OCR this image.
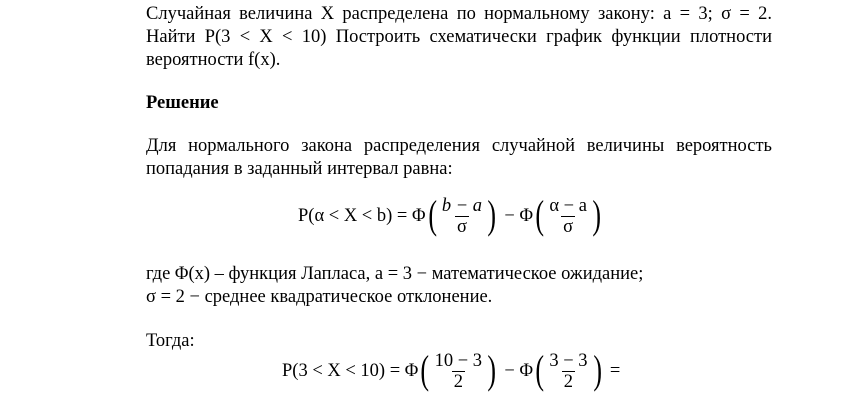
Случайная величина X распределена по нормальному закону: a = 3; σ = 2.
Найти P(3 < X < 10) Построить схематически график функции плотности
вероятности f(x).
Решение
Для нормального закона распределения случайной величины вероятность
попадания в заданный интервал равна:
P(α < X < b) = Φ ( $\frac{b - a}{\sigma}$ ) − Φ ( $\frac{\alpha - a}{\sigma}$ )
где Φ(x) – функция Лапласа, a = 3 − математическое ожидание;
σ = 2 − среднее квадратическое отклонение.
Тогда:
P(3 < X < 10) = Φ ( $\frac{10 - 3}{2}$ ) − Φ ( $\frac{3 - 3}{2}$ ) =
